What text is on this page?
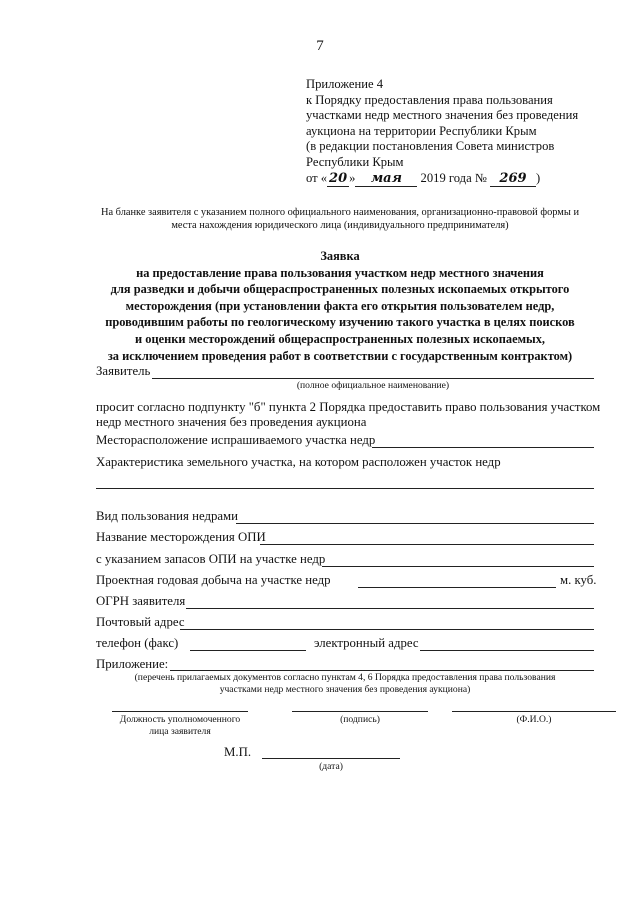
7
Приложение 4
к Порядку предоставления права пользования
участками недр местного значения без проведения
аукциона на территории Республики Крым
(в редакции постановления Совета министров
Республики Крым
от « 20 » мая 2019 года № 269 )
На бланке заявителя с указанием полного официального наименования, организационно-правовой формы и
места нахождения юридического лица (индивидуального предпринимателя)
Заявка
на предоставление права пользования участком недр местного значения
для разведки и добычи общераспространенных полезных ископаемых открытого
месторождения (при установлении факта его открытия пользователем недр,
проводившим работы по геологическому изучению такого участка в целях поисков
и оценки месторождений общераспространенных полезных ископаемых,
за исключением проведения работ в соответствии с государственным контрактом)
Заявитель
(полное официальное наименование)
просит согласно подпункту "б" пункта 2 Порядка предоставить право пользования участком
недр местного значения без проведения аукциона
Месторасположение испрашиваемого участка недр
Характеристика земельного участка, на котором расположен участок недр
Вид пользования недрами
Название месторождения ОПИ
с указанием запасов ОПИ на участке недр
Проектная годовая добыча на участке недр	м. куб.
ОГРН заявителя
Почтовый адрес
телефон (факс)	электронный адрес
Приложение:
(перечень прилагаемых документов согласно пунктам 4, 6 Порядка предоставления права пользования
участками недр местного значения без проведения аукциона)
Должность уполномоченного
лица заявителя
(подпись)	(Ф.И.О.)
М.П.
(дата)
